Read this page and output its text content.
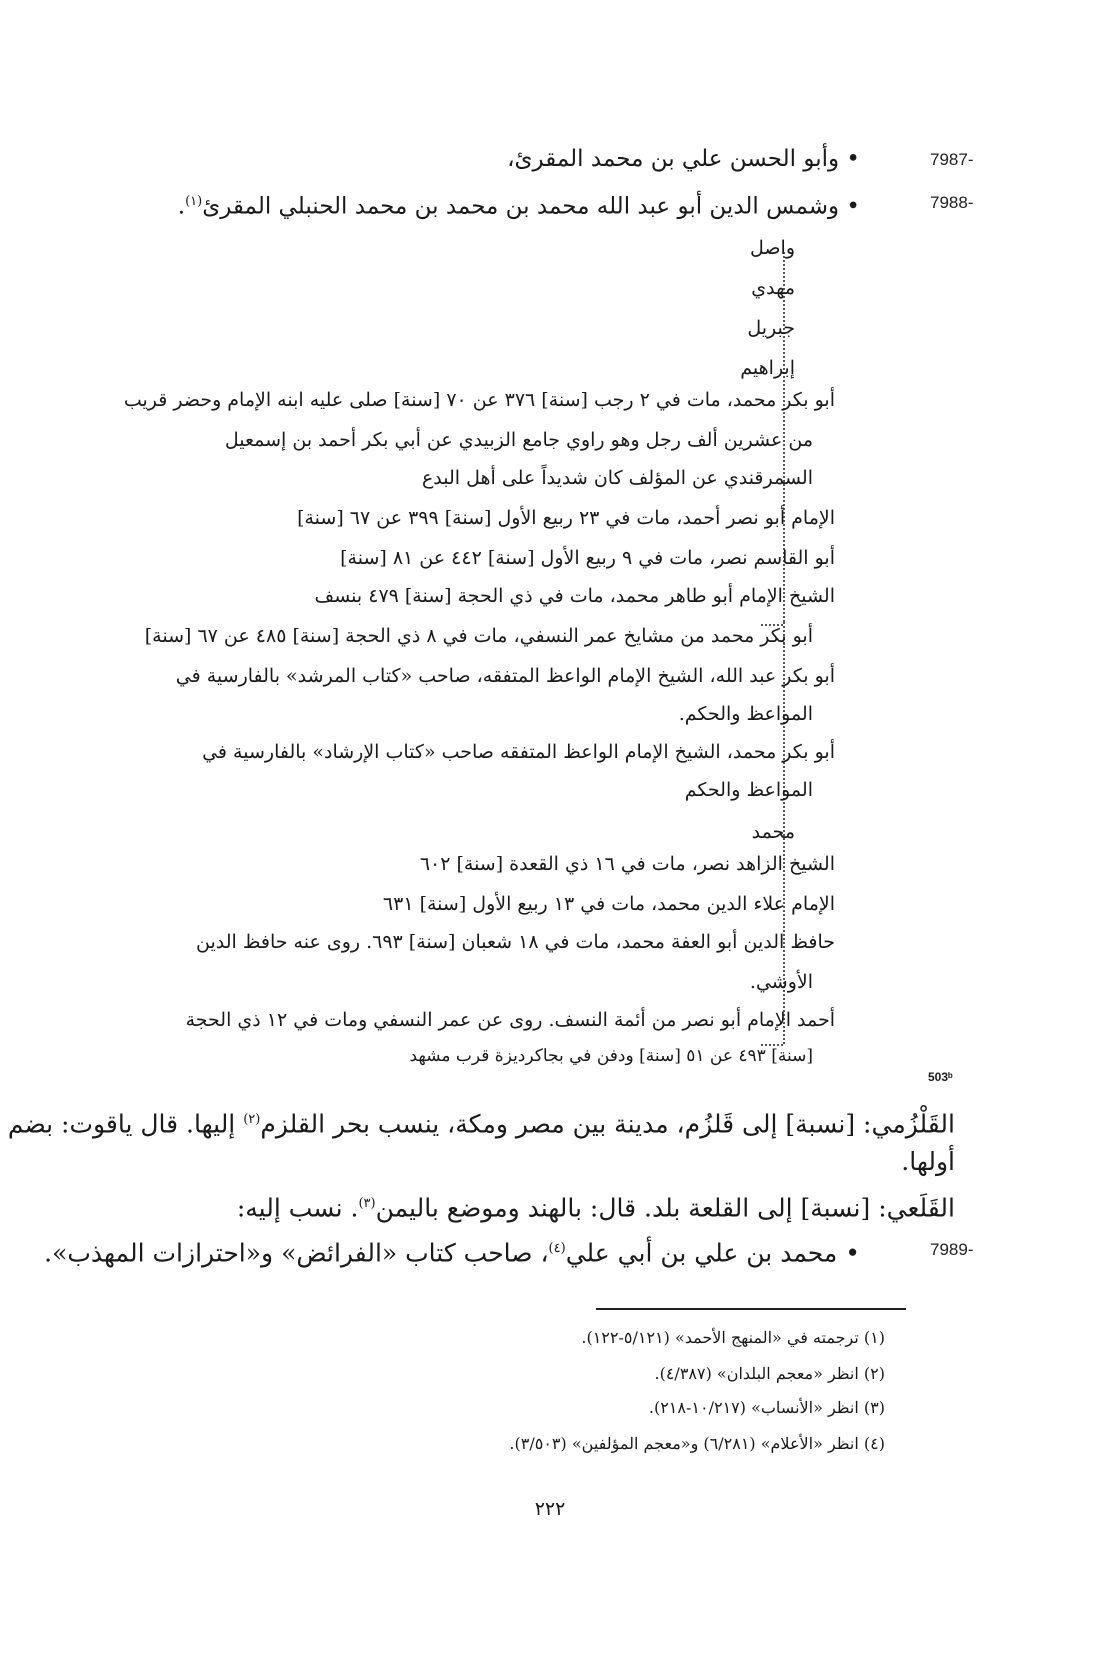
7987-
• وأبو الحسن علي بن محمد المقرئ،
7988-
• وشمس الدين أبو عبد الله محمد بن محمد بن محمد الحنبلي المقرئ$^{(١)}$.
واصل
مهدي
جبريل
إبراهيم
أبو بكر محمد، مات في ٢ رجب [سنة] ٣٧٦ عن ٧٠ [سنة] صلى عليه ابنه الإمام وحضر قريب
من عشرين ألف رجل وهو راوي جامع الزبيدي عن أبي بكر أحمد بن إسمعيل
السمرقندي عن المؤلف كان شديداً على أهل البدع
الإمام أبو نصر أحمد، مات في ٢٣ ربيع الأول [سنة] ٣٩٩ عن ٦٧ [سنة]
أبو القاسم نصر، مات في ٩ ربيع الأول [سنة] ٤٤٢ عن ٨١ [سنة]
الشيخ الإمام أبو طاهر محمد، مات في ذي الحجة [سنة] ٤٧٩ بنسف
أبو بكر محمد من مشايخ عمر النسفي، مات في ٨ ذي الحجة [سنة] ٤٨٥ عن ٦٧ [سنة]
أبو بكر عبد الله، الشيخ الإمام الواعظ المتفقه، صاحب «كتاب المرشد» بالفارسية في
المواعظ والحكم.
أبو بكر محمد، الشيخ الإمام الواعظ المتفقه صاحب «كتاب الإرشاد» بالفارسية في
المواعظ والحكم
محمد
الشيخ الزاهد نصر، مات في ١٦ ذي القعدة [سنة] ٦٠٢
الإمام علاء الدين محمد، مات في ١٣ ربيع الأول [سنة] ٦٣١
حافظ الدين أبو العفة محمد، مات في ١٨ شعبان [سنة] ٦٩٣. روى عنه حافظ الدين
الأوشي.
أحمد الإمام أبو نصر من أئمة النسف. روى عن عمر النسفي ومات في ١٢ ذي الحجة
[سنة] ٤٩٣ عن ٥١ [سنة] ودفن في بجاكرديزة قرب مشهد
503ᵇ
القَلْزُمي: [نسبة] إلى قَلزُم، مدينة بين مصر ومكة، ينسب بحر القلزم$^{(٢)}$ إليها. قال ياقوت: بضم
أولها.
القَلَعي: [نسبة] إلى القلعة بلد. قال: بالهند وموضع باليمن$^{(٣)}$. نسب إليه:
7989-
• محمد بن علي بن أبي علي$^{(٤)}$، صاحب كتاب «الفرائض» و«احترازات المهذب».
(١) ترجمته في «المنهج الأحمد» (٥/١٢١-١٢٢).
(٢) انظر «معجم البلدان» (٤/٣٨٧).
(٣) انظر «الأنساب» (١٠/٢١٧-٢١٨).
(٤) انظر «الأعلام» (٦/٢٨١) و«معجم المؤلفين» (٣/٥٠٣).
٢٢٢
